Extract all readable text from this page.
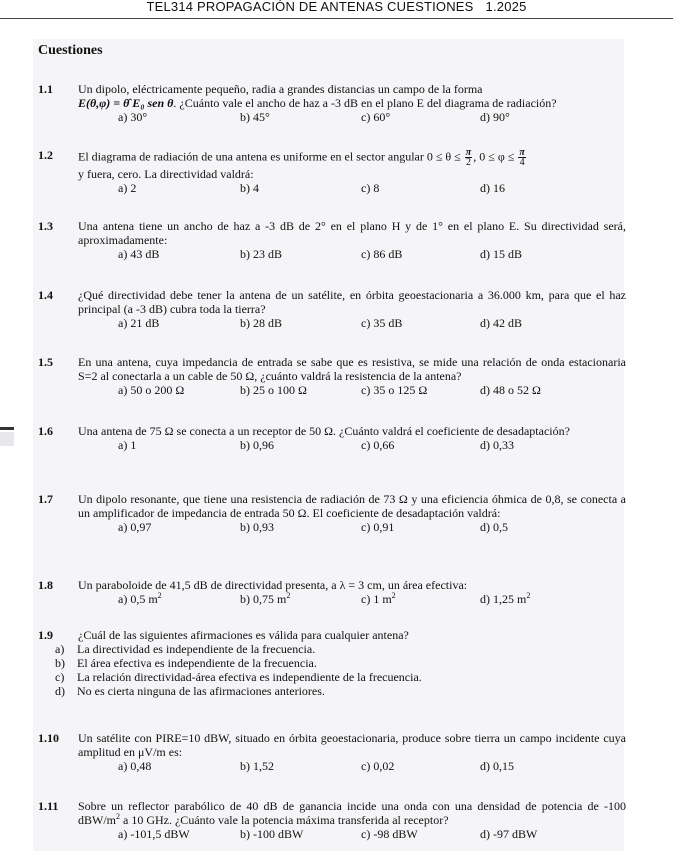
TEL314 PROPAGACIÓN DE ANTENAS CUESTIONES 1.2025
Cuestiones
1.1 Un dipolo, eléctricamente pequeño, radia a grandes distancias un campo de la forma
E(θ,φ) = θ̂ E₀ sen θ. ¿Cuánto vale el ancho de haz a -3 dB en el plano E del diagrama de radiación?
a) 30°	b) 45°	c) 60°	d) 90°
1.2 El diagrama de radiación de una antena es uniforme en el sector angular $0 \le \theta \le \frac{\pi}{2}$ , $0 \le \varphi \le \frac{\pi}{4}$

y fuera, cero. La directividad valdrá:
a) 2	b) 4	c) 8	d) 16
1.3 Una antena tiene un ancho de haz a -3 dB de 2° en el plano H y de 1° en el plano E. Su directividad será, aproximadamente:
a) 43 dB	b) 23 dB	c) 86 dB	d) 15 dB
1.4 ¿Qué directividad debe tener la antena de un satélite, en órbita geoestacionaria a 36.000 km, para que el haz principal (a -3 dB) cubra toda la tierra?
a) 21 dB	b) 28 dB	c) 35 dB	d) 42 dB
1.5 En una antena, cuya impedancia de entrada se sabe que es resistiva, se mide una relación de onda estacionaria S=2 al conectarla a un cable de 50 Ω, ¿cuánto valdrá la resistencia de la antena?
a) 50 o 200 Ω	b) 25 o 100 Ω	c) 35 o 125 Ω	d) 48 o 52 Ω
1.6 Una antena de 75 Ω se conecta a un receptor de 50 Ω. ¿Cuánto valdrá el coeficiente de desadaptación?
a) 1	b) 0,96	c) 0,66	d) 0,33
1.7 Un dipolo resonante, que tiene una resistencia de radiación de 73 Ω y una eficiencia óhmica de 0,8, se conecta a un amplificador de impedancia de entrada 50 Ω. El coeficiente de desadaptación valdrá:
a) 0,97	b) 0,93	c) 0,91	d) 0,5
1.8 Un paraboloide de 41,5 dB de directividad presenta, a λ = 3 cm, un área efectiva:
a) 0,5 $m^2$	b) 0,75 $m^2$	c) 1 $m^2$	d) 1,25 $m^2$
1.9 ¿Cuál de las siguientes afirmaciones es válida para cualquier antena?
a) La directividad es independiente de la frecuencia.
b) El área efectiva es independiente de la frecuencia.
c) La relación directividad-área efectiva es independiente de la frecuencia.
d) No es cierta ninguna de las afirmaciones anteriores.
1.10 Un satélite con PIRE=10 dBW, situado en órbita geoestacionaria, produce sobre tierra un campo incidente cuya amplitud en μV/m es:
a) 0,48	b) 1,52	c) 0,02	d) 0,15
1.11 Sobre un reflector parabólico de 40 dB de ganancia incide una onda con una densidad de potencia de -100 dBW/$m^2$ a 10 GHz. ¿Cuánto vale la potencia máxima transferida al receptor?
a) -101,5 dBW	b) -100 dBW	c) -98 dBW	d) -97 dBW
